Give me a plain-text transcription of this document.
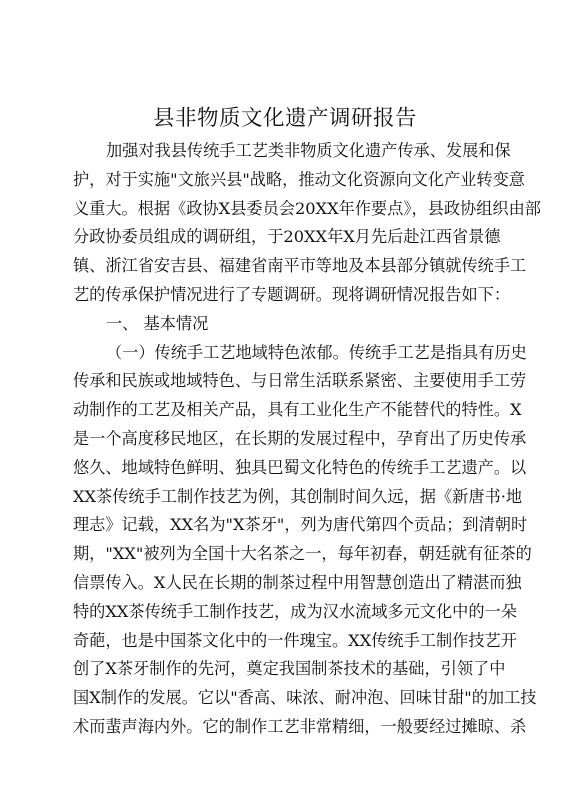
县非物质文化遗产调研报告
加强对我县传统手工艺类非物质文化遗产传承、发展和保
护，对于实施"文旅兴县"战略，推动文化资源向文化产业转变意
义重大。根据《政协X县委员会20XX年作要点》，县政协组织由部
分政协委员组成的调研组，于20XX年X月先后赴江西省景德
镇、浙江省安吉县、福建省南平市等地及本县部分镇就传统手工
艺的传承保护情况进行了专题调研。现将调研情况报告如下：
一、 基本情况
（一）传统手工艺地域特色浓郁。传统手工艺是指具有历史
传承和民族或地域特色、与日常生活联系紧密、主要使用手工劳
动制作的工艺及相关产品，具有工业化生产不能替代的特性。X
是一个高度移民地区，在长期的发展过程中，孕育出了历史传承
悠久、地域特色鲜明、独具巴蜀文化特色的传统手工艺遗产。以
XX茶传统手工制作技艺为例，其创制时间久远，据《新唐书·地
理志》记载，XX名为"X茶牙"，列为唐代第四个贡品；到清朝时
期，"XX"被列为全国十大名茶之一，每年初春，朝廷就有征茶的
信票传入。X人民在长期的制茶过程中用智慧创造出了精湛而独
特的XX茶传统手工制作技艺，成为汉水流域多元文化中的一朵
奇葩，也是中国茶文化中的一件瑰宝。XX传统手工制作技艺开
创了X茶牙制作的先河，奠定我国制茶技术的基础，引领了中
国X制作的发展。它以"香高、味浓、耐冲泡、回味甘甜"的加工技
术而蜚声海内外。它的制作工艺非常精细，一般要经过摊晾、杀
